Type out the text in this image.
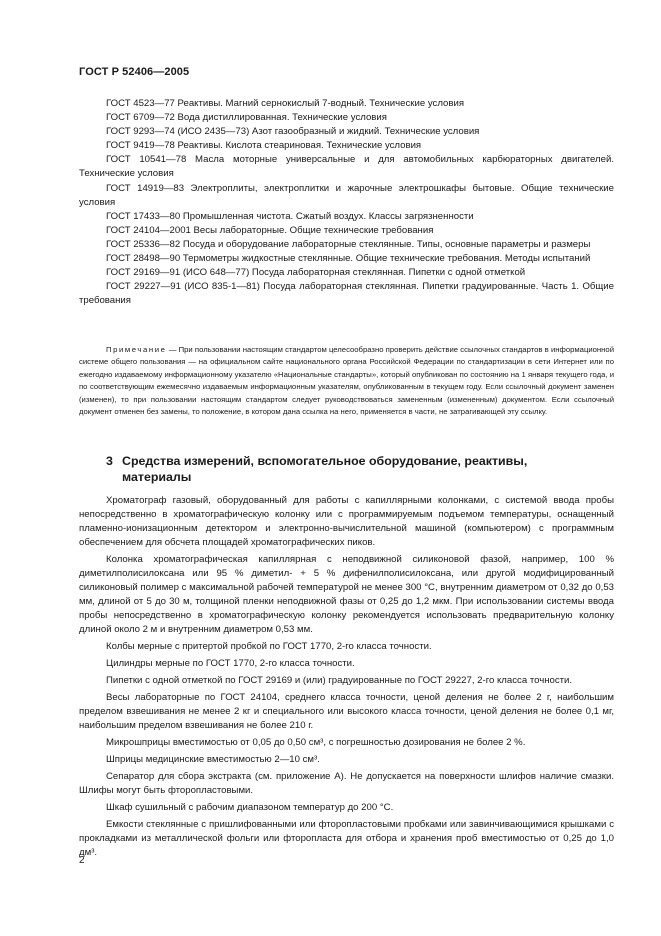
ГОСТ Р 52406—2005

ГОСТ 4523—77 Реактивы. Магний сернокислый 7-водный. Технические условия

ГОСТ 6709—72 Вода дистиллированная. Технические условия

ГОСТ 9293—74 (ИСО 2435—73) Азот газообразный и жидкий. Технические условия

ГОСТ 9419—78 Реактивы. Кислота стеариновая. Технические условия

ГОСТ 10541—78 Масла моторные универсальные и для автомобильных карбюраторных двигателей. Технические условия

ГОСТ 14919—83 Электроплиты, электроплитки и жарочные электрошкафы бытовые. Общие технические условия

ГОСТ 17433—80 Промышленная чистота. Сжатый воздух. Классы загрязненности

ГОСТ 24104—2001 Весы лабораторные. Общие технические требования

ГОСТ 25336—82 Посуда и оборудование лабораторные стеклянные. Типы, основные параметры и размеры

ГОСТ 28498—90 Термометры жидкостные стеклянные. Общие технические требования. Методы испытаний

ГОСТ 29169—91 (ИСО 648—77) Посуда лабораторная стеклянная. Пипетки с одной отметкой

ГОСТ 29227—91 (ИСО 835-1—81) Посуда лабораторная стеклянная. Пипетки градуированные. Часть 1. Общие требования

Примечание — При пользовании настоящим стандартом целесообразно проверить действие ссылочных стандартов в информационной системе общего пользования — на официальном сайте национального органа Российской Федерации по стандартизации в сети Интернет или по ежегодно издаваемому информационному указателю «Национальные стандарты», который опубликован по состоянию на 1 января текущего года, и по соответствующим ежемесячно издаваемым информационным указателям, опубликованным в текущем году. Если ссылочный документ заменен (изменен), то при пользовании настоящим стандартом следует руководствоваться замененным (измененным) документом. Если ссылочный документ отменен без замены, то положение, в котором дана ссылка на него, применяется в части, не затрагивающей эту ссылку.
3 Средства измерений, вспомогательное оборудование, реактивы,
материалы

Хроматограф газовый, оборудованный для работы с капиллярными колонками, с системой ввода пробы непосредственно в хроматографическую колонку или с программируемым подъемом температуры, оснащенный пламенно-ионизационным детектором и электронно-вычислительной машиной (компьютером) с программным обеспечением для обсчета площадей хроматографических пиков.

Колонка хроматографическая капиллярная с неподвижной силиконовой фазой, например, 100 % диметилполисилоксана или 95 % диметил- + 5 % дифенилполисилоксана, или другой модифицированный силиконовый полимер с максимальной рабочей температурой не менее 300 °С, внутренним диаметром от 0,32 до 0,53 мм, длиной от 5 до 30 м, толщиной пленки неподвижной фазы от 0,25 до 1,2 мкм. При использовании системы ввода пробы непосредственно в хроматографическую колонку рекомендуется использовать предварительную колонку длиной около 2 м и внутренним диаметром 0,53 мм.

Колбы мерные с притертой пробкой по ГОСТ 1770, 2-го класса точности.

Цилиндры мерные по ГОСТ 1770, 2-го класса точности.

Пипетки с одной отметкой по ГОСТ 29169 и (или) градуированные по ГОСТ 29227, 2-го класса точности.

Весы лабораторные по ГОСТ 24104, среднего класса точности, ценой деления не более 2 г, наибольшим пределом взвешивания не менее 2 кг и специального или высокого класса точности, ценой деления не более 0,1 мг, наибольшим пределом взвешивания не более 210 г.

Микрошприцы вместимостью от 0,05 до 0,50 см³, с погрешностью дозирования не более 2 %.

Шприцы медицинские вместимостью 2—10 см³.

Сепаратор для сбора экстракта (см. приложение А). Не допускается на поверхности шлифов наличие смазки. Шлифы могут быть фторопластовыми.

Шкаф сушильный с рабочим диапазоном температур до 200 °С.

Емкости стеклянные с пришлифованными или фторопластовыми пробками или завинчивающимися крышками с прокладками из металлической фольги или фторопласта для отбора и хранения проб вместимостью от 0,25 до 1,0 дм³.

2
